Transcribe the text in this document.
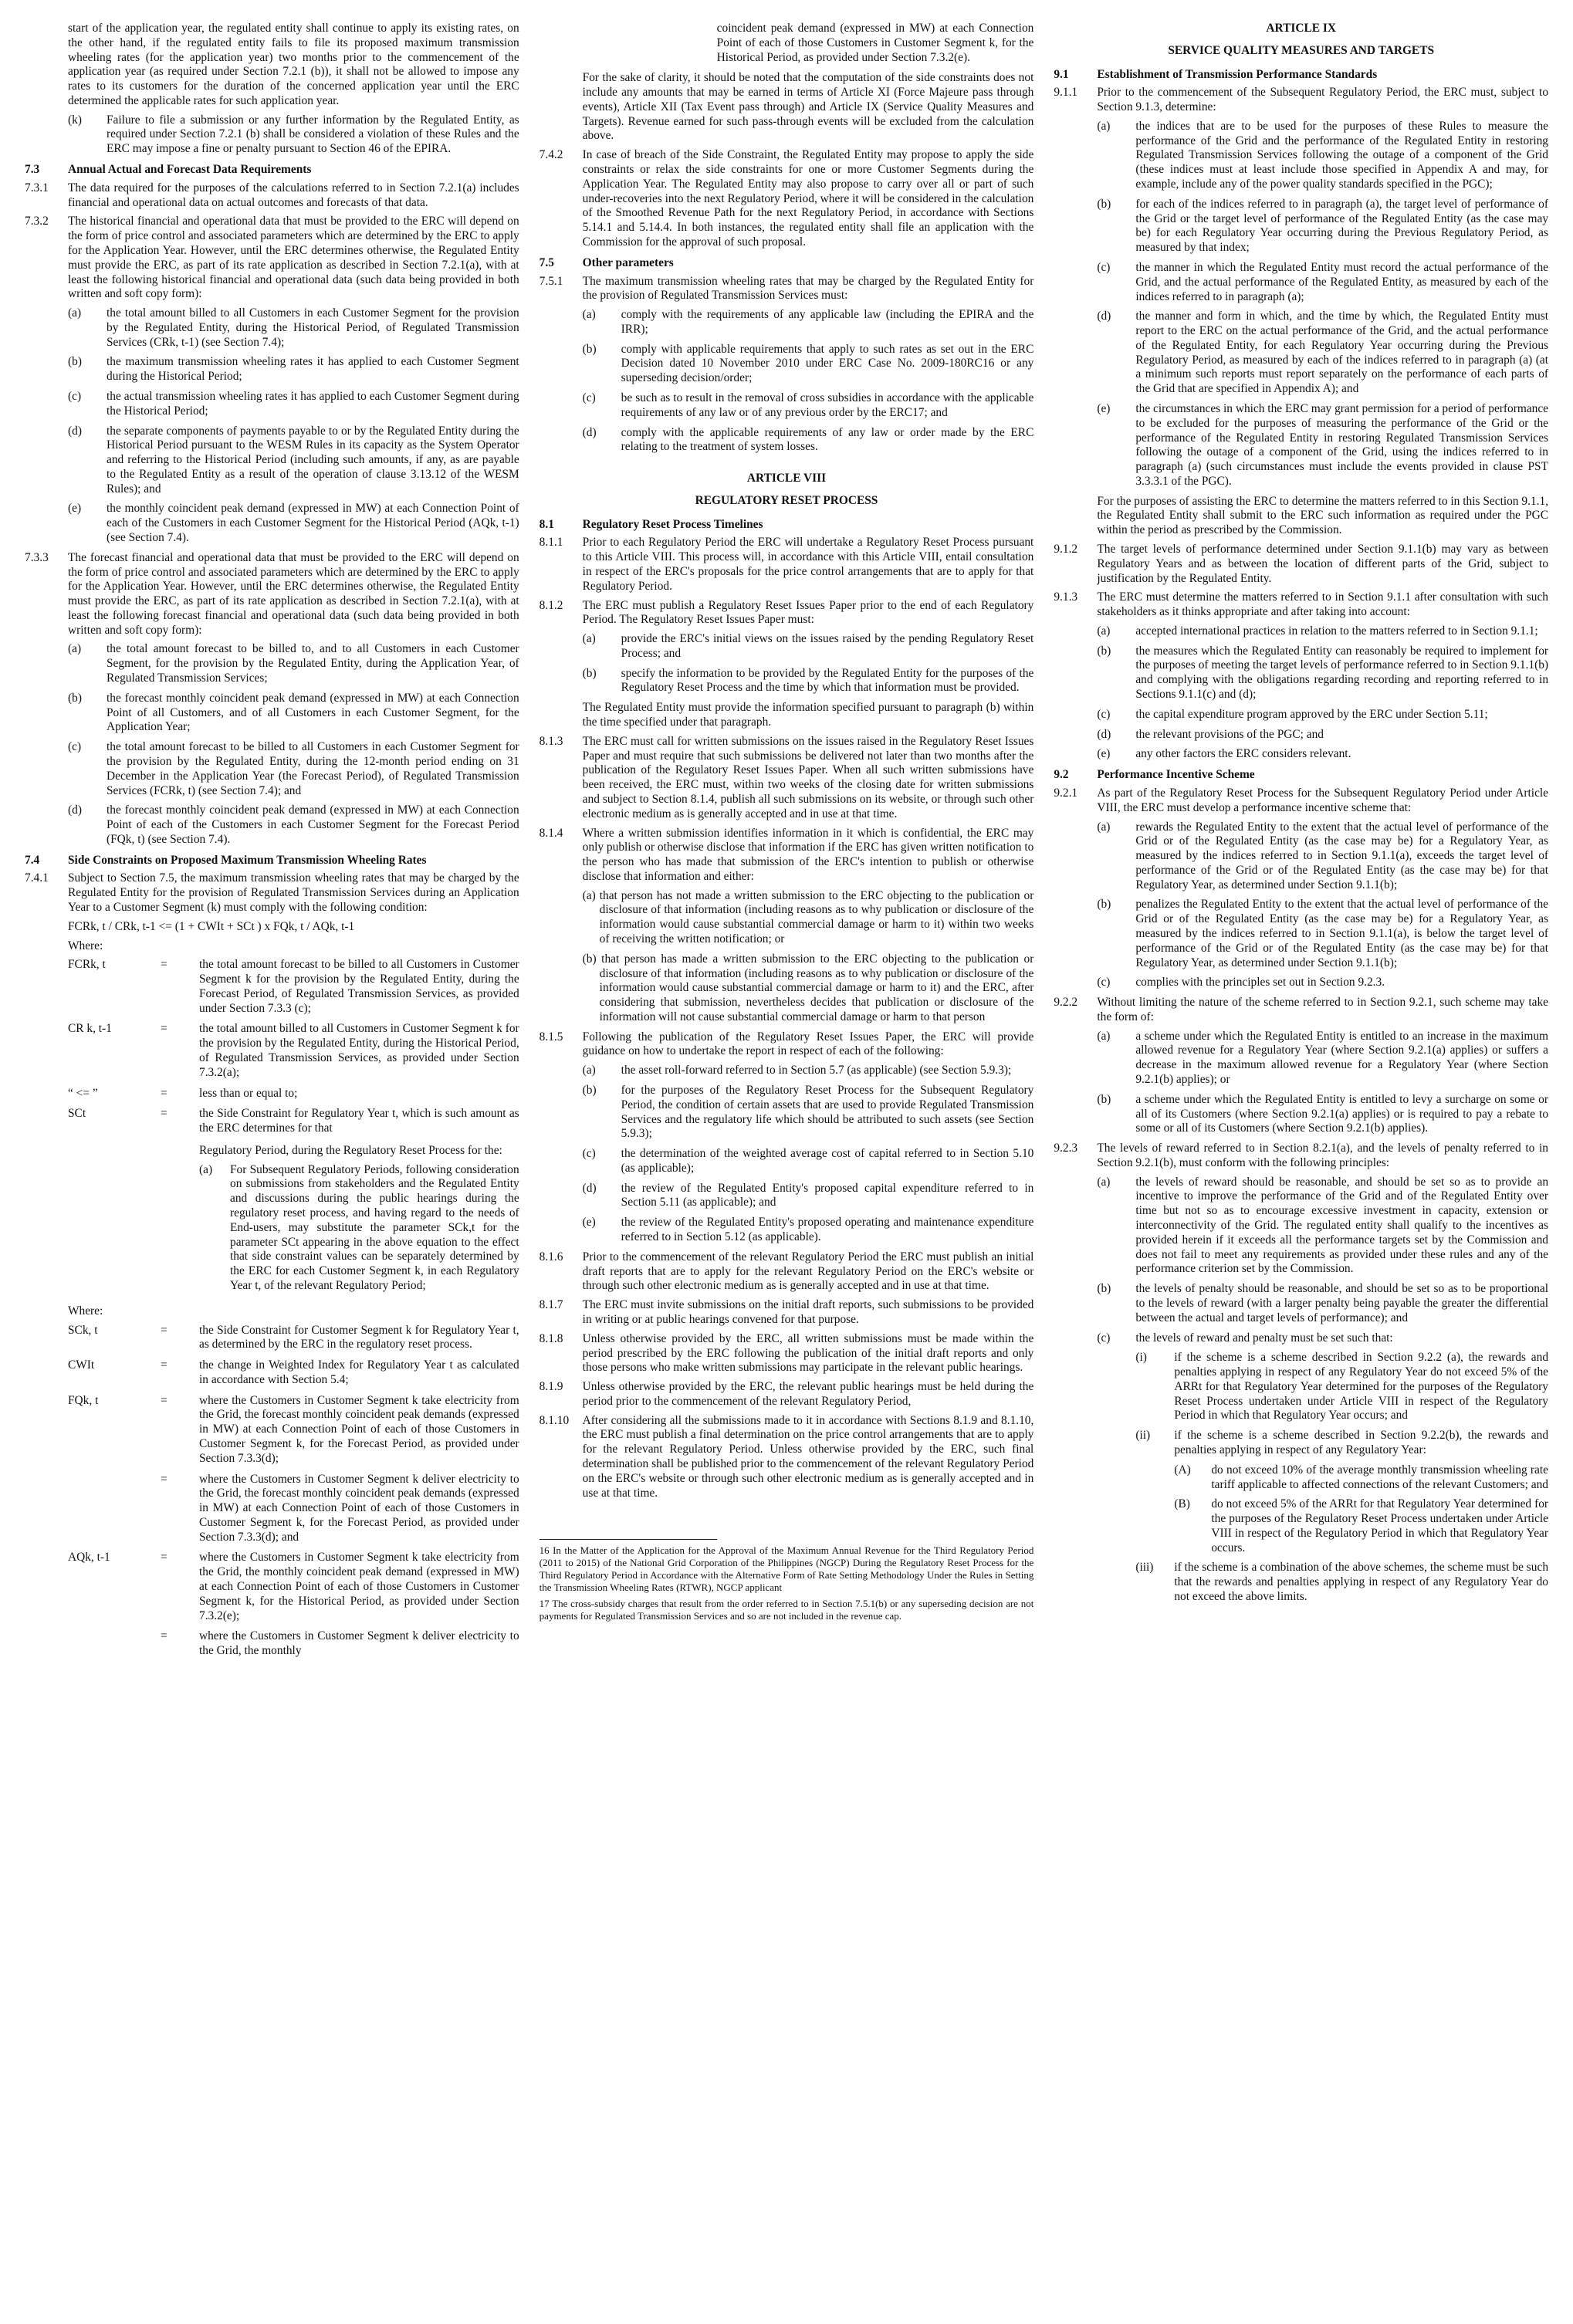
start of the application year, the regulated entity shall continue to apply its existing rates, on the other hand, if the regulated entity fails to file its proposed maximum transmission wheeling rates (for the application year) two months prior to the commencement of the application year (as required under Section 7.2.1 (b)), it shall not be allowed to impose any rates to its customers for the duration of the concerned application year until the ERC determined the applicable rates for such application year.

(k)	Failure to file a submission or any further information by the Regulated Entity, as required under Section 7.2.1 (b) shall be considered a violation of these Rules and the ERC may impose a fine or penalty pursuant to Section 46 of the EPIRA.
7.3	Annual Actual and Forecast Data Requirements
7.3.1	The data required for the purposes of the calculations referred to in Section 7.2.1(a) includes financial and operational data on actual outcomes and forecasts of that data.
7.3.2	The historical financial and operational data that must be provided to the ERC will depend on the form of price control and associated parameters which are determined by the ERC to apply for the Application Year. However, until the ERC determines otherwise, the Regulated Entity must provide the ERC, as part of its rate application as described in Section 7.2.1(a), with at least the following historical financial and operational data (such data being provided in both written and soft copy form):
(a)	the total amount billed to all Customers in each Customer Segment for the provision by the Regulated Entity, during the Historical Period, of Regulated Transmission Services (CRk, t-1) (see Section 7.4);
(b)	the maximum transmission wheeling rates it has applied to each Customer Segment during the Historical Period;
(c)	the actual transmission wheeling rates it has applied to each Customer Segment during the Historical Period;
(d)	the separate components of payments payable to or by the Regulated Entity during the Historical Period pursuant to the WESM Rules in its capacity as the System Operator and referring to the Historical Period (including such amounts, if any, as are payable to the Regulated Entity as a result of the operation of clause 3.13.12 of the WESM Rules); and
(e)	the monthly coincident peak demand (expressed in MW) at each Connection Point of each of the Customers in each Customer Segment for the Historical Period (AQk, t-1) (see Section 7.4).
7.3.3	The forecast financial and operational data that must be provided to the ERC will depend on the form of price control and associated parameters which are determined by the ERC to apply for the Application Year. However, until the ERC determines otherwise, the Regulated Entity must provide the ERC, as part of its rate application as described in Section 7.2.1(a), with at least the following forecast financial and operational data (such data being provided in both written and soft copy form):
(a)	the total amount forecast to be billed to, and to all Customers in each Customer Segment, for the provision by the Regulated Entity, during the Application Year, of Regulated Transmission Services;
(b)	the forecast monthly coincident peak demand (expressed in MW) at each Connection Point of all Customers, and of all Customers in each Customer Segment, for the Application Year;
(c)	the total amount forecast to be billed to all Customers in each Customer Segment for the provision by the Regulated Entity, during the 12-month period ending on 31 December in the Application Year (the Forecast Period), of Regulated Transmission Services (FCRk, t) (see Section 7.4); and
(d)	the forecast monthly coincident peak demand (expressed in MW) at each Connection Point of each of the Customers in each Customer Segment for the Forecast Period (FQk, t) (see Section 7.4).
7.4	Side Constraints on Proposed Maximum Transmission Wheeling Rates
7.4.1	Subject to Section 7.5, the maximum transmission wheeling rates that may be charged by the Regulated Entity for the provision of Regulated Transmission Services during an Application Year to a Customer Segment (k) must comply with the following condition:

FCRk, t / CRk, t-1 <= (1 + CWIt + SCt ) x FQk, t / AQk, t-1

Where:

FCRk, t	=	the total amount forecast to be billed to all Customers in Customer Segment k for the provision by the Regulated Entity, during the Forecast Period, of Regulated Transmission Services, as provided under Section 7.3.3 (c);
CR k, t-1	=	the total amount billed to all Customers in Customer Segment k for the provision by the Regulated Entity, during the Historical Period, of Regulated Transmission Services, as provided under Section 7.3.2(a);
“ <= ”	=	less than or equal to;
SCt	=	the Side Constraint for Regulatory Year t, which is such amount as the ERC determines for that

Regulatory Period, during the Regulatory Reset Process for the:

(a)	For Subsequent Regulatory Periods, following consideration on submissions from stakeholders and the Regulated Entity and discussions during the public hearings during the regulatory reset process, and having regard to the needs of End-users, may substitute the parameter SCk,t for the parameter SCt appearing in the above equation to the effect that side constraint values can be separately determined by the ERC for each Customer Segment k, in each Regulatory Year t, of the relevant Regulatory Period;

Where:

SCk, t	=	the Side Constraint for Customer Segment k for Regulatory Year t, as determined by the ERC in the regulatory reset process.
CWIt	=	the change in Weighted Index for Regulatory Year t as calculated in accordance with Section 5.4;
FQk, t	=	where the Customers in Customer Segment k take electricity from the Grid, the forecast monthly coincident peak demands (expressed in MW) at each Connection Point of each of those Customers in Customer Segment k, for the Forecast Period, as provided under Section 7.3.3(d);
=	where the Customers in Customer Segment k deliver electricity to the Grid, the forecast monthly coincident peak demands (expressed in MW) at each Connection Point of each of those Customers in Customer Segment k, for the Forecast Period, as provided under Section 7.3.3(d); and
AQk, t-1	=	where the Customers in Customer Segment k take electricity from the Grid, the monthly coincident peak demand (expressed in MW) at each Connection Point of each of those Customers in Customer Segment k, for the Historical Period, as provided under Section 7.3.2(e);
=	where the Customers in Customer Segment k deliver electricity to the Grid, the monthly

coincident peak demand (expressed in MW) at each Connection Point of each of those Customers in Customer Segment k, for the Historical Period, as provided under Section 7.3.2(e).

For the sake of clarity, it should be noted that the computation of the side constraints does not include any amounts that may be earned in terms of Article XI (Force Majeure pass through events), Article XII (Tax Event pass through) and Article IX (Service Quality Measures and Targets). Revenue earned for such pass-through events will be excluded from the calculation above.

7.4.2	In case of breach of the Side Constraint, the Regulated Entity may propose to apply the side constraints or relax the side constraints for one or more Customer Segments during the Application Year. The Regulated Entity may also propose to carry over all or part of such under-recoveries into the next Regulatory Period, where it will be considered in the calculation of the Smoothed Revenue Path for the next Regulatory Period, in accordance with Sections 5.14.1 and 5.14.4. In both instances, the regulated entity shall file an application with the Commission for the approval of such proposal.
7.5	Other parameters
7.5.1	The maximum transmission wheeling rates that may be charged by the Regulated Entity for the provision of Regulated Transmission Services must:
(a)	comply with the requirements of any applicable law (including the EPIRA and the IRR);
(b)	comply with applicable requirements that apply to such rates as set out in the ERC Decision dated 10 November 2010 under ERC Case No. 2009-180RC16 or any superseding decision/order;
(c)	be such as to result in the removal of cross subsidies in accordance with the applicable requirements of any law or of any previous order by the ERC17; and
(d)	comply with the applicable requirements of any law or order made by the ERC relating to the treatment of system losses.
ARTICLE VIII
REGULATORY RESET PROCESS
8.1	Regulatory Reset Process Timelines
8.1.1	Prior to each Regulatory Period the ERC will undertake a Regulatory Reset Process pursuant to this Article VIII. This process will, in accordance with this Article VIII, entail consultation in respect of the ERC's proposals for the price control arrangements that are to apply for that Regulatory Period.
8.1.2	The ERC must publish a Regulatory Reset Issues Paper prior to the end of each Regulatory Period. The Regulatory Reset Issues Paper must:
(a)	provide the ERC's initial views on the issues raised by the pending Regulatory Reset Process; and
(b)	specify the information to be provided by the Regulated Entity for the purposes of the Regulatory Reset Process and the time by which that information must be provided.

The Regulated Entity must provide the information specified pursuant to paragraph (b) within the time specified under that paragraph.

8.1.3	The ERC must call for written submissions on the issues raised in the Regulatory Reset Issues Paper and must require that such submissions be delivered not later than two months after the publication of the Regulatory Reset Issues Paper. When all such written submissions have been received, the ERC must, within two weeks of the closing date for written submissions and subject to Section 8.1.4, publish all such submissions on its website, or through such other electronic medium as is generally accepted and in use at that time.
8.1.4	Where a written submission identifies information in it which is confidential, the ERC may only publish or otherwise disclose that information if the ERC has given written notification to the person who has made that submission of the ERC's intention to publish or otherwise disclose that information and either:
(a) that person has not made a written submission to the ERC objecting to the publication or disclosure of that information (including reasons as to why publication or disclosure of the information would cause substantial commercial damage or harm to it) within two weeks of receiving the written notification; or
(b) that person has made a written submission to the ERC objecting to the publication or disclosure of that information (including reasons as to why publication or disclosure of the information would cause substantial commercial damage or harm to it) and the ERC, after considering that submission, nevertheless decides that publication or disclosure of the information will not cause substantial commercial damage or harm to that person
8.1.5	Following the publication of the Regulatory Reset Issues Paper, the ERC will provide guidance on how to undertake the report in respect of each of the following:
(a)	the asset roll-forward referred to in Section 5.7 (as applicable) (see Section 5.9.3);
(b)	for the purposes of the Regulatory Reset Process for the Subsequent Regulatory Period, the condition of certain assets that are used to provide Regulated Transmission Services and the regulatory life which should be attributed to such assets (see Section 5.9.3);
(c)	the determination of the weighted average cost of capital referred to in Section 5.10 (as applicable);
(d)	the review of the Regulated Entity's proposed capital expenditure referred to in Section 5.11 (as applicable); and
(e)	the review of the Regulated Entity's proposed operating and maintenance expenditure referred to in Section 5.12 (as applicable).
8.1.6	Prior to the commencement of the relevant Regulatory Period the ERC must publish an initial draft reports that are to apply for the relevant Regulatory Period on the ERC's website or through such other electronic medium as is generally accepted and in use at that time.
8.1.7	The ERC must invite submissions on the initial draft reports, such submissions to be provided in writing or at public hearings convened for that purpose.
8.1.8	Unless otherwise provided by the ERC, all written submissions must be made within the period prescribed by the ERC following the publication of the initial draft reports and only those persons who make written submissions may participate in the relevant public hearings.
8.1.9	Unless otherwise provided by the ERC, the relevant public hearings must be held during the period prior to the commencement of the relevant Regulatory Period,
8.1.10	After considering all the submissions made to it in accordance with Sections 8.1.9 and 8.1.10, the ERC must publish a final determination on the price control arrangements that are to apply for the relevant Regulatory Period. Unless otherwise provided by the ERC, such final determination shall be published prior to the commencement of the relevant Regulatory Period on the ERC's website or through such other electronic medium as is generally accepted and in use at that time.

16 In the Matter of the Application for the Approval of the Maximum Annual Revenue for the Third Regulatory Period (2011 to 2015) of the National Grid Corporation of the Philippines (NGCP) During the Regulatory Reset Process for the Third Regulatory Period in Accordance with the Alternative Form of Rate Setting Methodology Under the Rules in Setting the Transmission Wheeling Rates (RTWR), NGCP applicant

17 The cross-subsidy charges that result from the order referred to in Section 7.5.1(b) or any superseding decision are not payments for Regulated Transmission Services and so are not included in the revenue cap.

ARTICLE IX
SERVICE QUALITY MEASURES AND TARGETS
9.1	Establishment of Transmission Performance Standards
9.1.1	Prior to the commencement of the Subsequent Regulatory Period, the ERC must, subject to Section 9.1.3, determine:
(a)	the indices that are to be used for the purposes of these Rules to measure the performance of the Grid and the performance of the Regulated Entity in restoring Regulated Transmission Services following the outage of a component of the Grid (these indices must at least include those specified in Appendix A and may, for example, include any of the power quality standards specified in the PGC);
(b)	for each of the indices referred to in paragraph (a), the target level of performance of the Grid or the target level of performance of the Regulated Entity (as the case may be) for each Regulatory Year occurring during the Previous Regulatory Period, as measured by that index;
(c)	the manner in which the Regulated Entity must record the actual performance of the Grid, and the actual performance of the Regulated Entity, as measured by each of the indices referred to in paragraph (a);
(d)	the manner and form in which, and the time by which, the Regulated Entity must report to the ERC on the actual performance of the Grid, and the actual performance of the Regulated Entity, for each Regulatory Year occurring during the Previous Regulatory Period, as measured by each of the indices referred to in paragraph (a) (at a minimum such reports must report separately on the performance of each parts of the Grid that are specified in Appendix A); and
(e)	the circumstances in which the ERC may grant permission for a period of performance to be excluded for the purposes of measuring the performance of the Grid or the performance of the Regulated Entity in restoring Regulated Transmission Services following the outage of a component of the Grid, using the indices referred to in paragraph (a) (such circumstances must include the events provided in clause PST 3.3.3.1 of the PGC).

For the purposes of assisting the ERC to determine the matters referred to in this Section 9.1.1, the Regulated Entity shall submit to the ERC such information as required under the PGC within the period as prescribed by the Commission.

9.1.2	The target levels of performance determined under Section 9.1.1(b) may vary as between Regulatory Years and as between the location of different parts of the Grid, subject to justification by the Regulated Entity.
9.1.3	The ERC must determine the matters referred to in Section 9.1.1 after consultation with such stakeholders as it thinks appropriate and after taking into account:
(a)	accepted international practices in relation to the matters referred to in Section 9.1.1;
(b)	the measures which the Regulated Entity can reasonably be required to implement for the purposes of meeting the target levels of performance referred to in Section 9.1.1(b) and complying with the obligations regarding recording and reporting referred to in Sections 9.1.1(c) and (d);
(c)	the capital expenditure program approved by the ERC under Section 5.11;
(d)	the relevant provisions of the PGC; and
(e)	any other factors the ERC considers relevant.
9.2	Performance Incentive Scheme
9.2.1	As part of the Regulatory Reset Process for the Subsequent Regulatory Period under Article VIII, the ERC must develop a performance incentive scheme that:
(a)	rewards the Regulated Entity to the extent that the actual level of performance of the Grid or of the Regulated Entity (as the case may be) for a Regulatory Year, as measured by the indices referred to in Section 9.1.1(a), exceeds the target level of performance of the Grid or of the Regulated Entity (as the case may be) for that Regulatory Year, as determined under Section 9.1.1(b);
(b)	penalizes the Regulated Entity to the extent that the actual level of performance of the Grid or of the Regulated Entity (as the case may be) for a Regulatory Year, as measured by the indices referred to in Section 9.1.1(a), is below the target level of performance of the Grid or of the Regulated Entity (as the case may be) for that Regulatory Year, as determined under Section 9.1.1(b);
(c)	complies with the principles set out in Section 9.2.3.
9.2.2	Without limiting the nature of the scheme referred to in Section 9.2.1, such scheme may take the form of:
(a)	a scheme under which the Regulated Entity is entitled to an increase in the maximum allowed revenue for a Regulatory Year (where Section 9.2.1(a) applies) or suffers a decrease in the maximum allowed revenue for a Regulatory Year (where Section 9.2.1(b) applies); or
(b)	a scheme under which the Regulated Entity is entitled to levy a surcharge on some or all of its Customers (where Section 9.2.1(a) applies) or is required to pay a rebate to some or all of its Customers (where Section 9.2.1(b) applies).
9.2.3	The levels of reward referred to in Section 8.2.1(a), and the levels of penalty referred to in Section 9.2.1(b), must conform with the following principles:
(a)	the levels of reward should be reasonable, and should be set so as to provide an incentive to improve the performance of the Grid and of the Regulated Entity over time but not so as to encourage excessive investment in capacity, extension or interconnectivity of the Grid. The regulated entity shall qualify to the incentives as provided herein if it exceeds all the performance targets set by the Commission and does not fail to meet any requirements as provided under these rules and any of the performance criterion set by the Commission.
(b)	the levels of penalty should be reasonable, and should be set so as to be proportional to the levels of reward (with a larger penalty being payable the greater the differential between the actual and target levels of performance); and
(c)	the levels of reward and penalty must be set such that:
(i)	if the scheme is a scheme described in Section 9.2.2 (a), the rewards and penalties applying in respect of any Regulatory Year do not exceed 5% of the ARRt for that Regulatory Year determined for the purposes of the Regulatory Reset Process undertaken under Article VIII in respect of the Regulatory Period in which that Regulatory Year occurs; and
(ii)	if the scheme is a scheme described in Section 9.2.2(b), the rewards and penalties applying in respect of any Regulatory Year:
(A)	do not exceed 10% of the average monthly transmission wheeling rate tariff applicable to affected connections of the relevant Customers; and
(B)	do not exceed 5% of the ARRt for that Regulatory Year determined for the purposes of the Regulatory Reset Process undertaken under Article VIII in respect of the Regulatory Period in which that Regulatory Year occurs.
(iii)	if the scheme is a combination of the above schemes, the scheme must be such that the rewards and penalties applying in respect of any Regulatory Year do not exceed the above limits.
